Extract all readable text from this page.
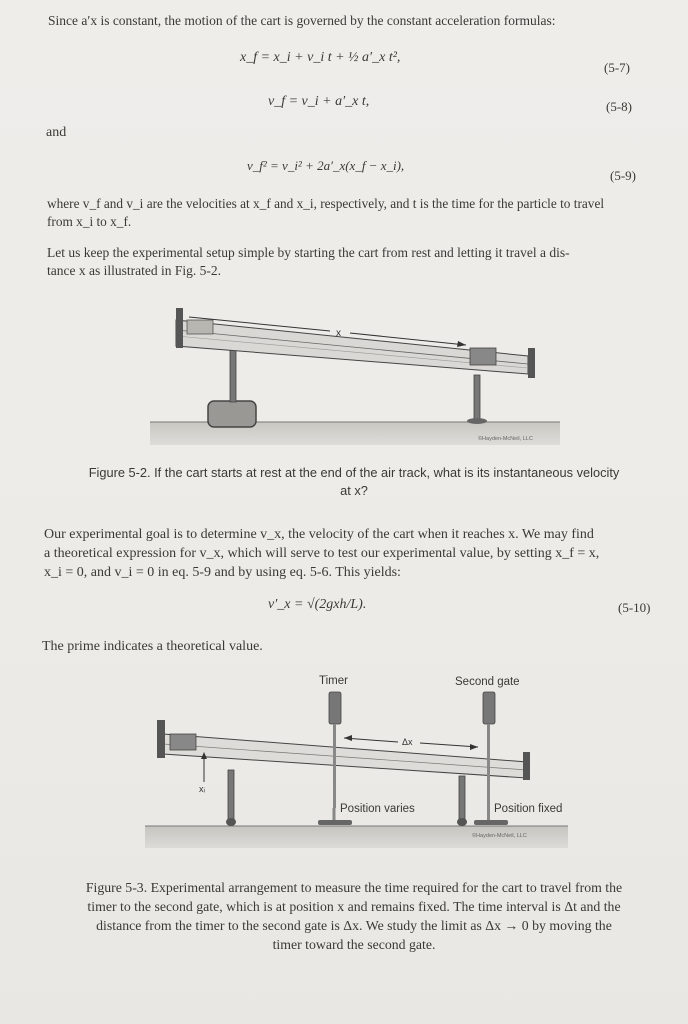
Since a′x is constant, the motion of the cart is governed by the constant acceleration formulas:
x_f = x_i + v_i t + ½ a′_x t²,
(5-7)
v_f = v_i + a′_x t,	(5-8)
and
v_f² = v_i² + 2a′_x(x_f − x_i),
(5-9)
where v_f and v_i are the velocities at x_f and x_i, respectively, and t is the time for the particle to travel
from x_i to x_f.
Let us keep the experimental setup simple by starting the cart from rest and letting it travel a dis-
tance x as illustrated in Fig. 5-2.
x
©Hayden-McNeil, LLC
Figure 5-2. If the cart starts at rest at the end of the air track, what is its instantaneous velocity
at x?
Our experimental goal is to determine v_x, the velocity of the cart when it reaches x. We may find
a theoretical expression for v_x, which will serve to test our experimental value, by setting x_f = x,
x_i = 0, and v_i = 0 in eq. 5-9 and by using eq. 5-6. This yields:
v′_x = √(2gxh/L).	(5-10)
The prime indicates a theoretical value.
xᵢ
Δx
©Hayden-McNeil, LLC
Timer	Second gate
Position varies	Position fixed
Figure 5-3. Experimental arrangement to measure the time required for the cart to travel from the
timer to the second gate, which is at position x and remains fixed. The time interval is Δt and the
distance from the timer to the second gate is Δx. We study the limit as Δx → 0 by moving the
timer toward the second gate.
